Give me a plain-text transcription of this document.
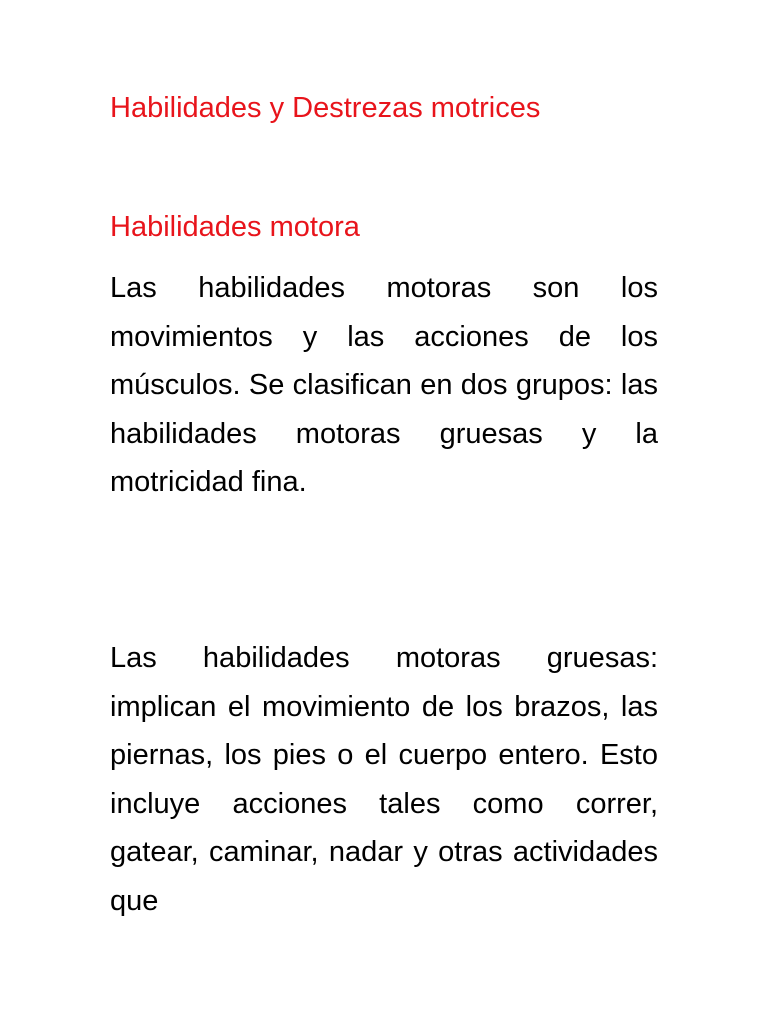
Habilidades y Destrezas motrices
Habilidades motora

Las habilidades motoras son los movimientos y las acciones de los músculos. Se clasifican en dos grupos: las habilidades motoras gruesas y la motricidad fina.

Las habilidades motoras gruesas: implican el movimiento de los brazos, las piernas, los pies o el cuerpo entero. Esto incluye acciones tales como correr, gatear, caminar, nadar y otras actividades que
